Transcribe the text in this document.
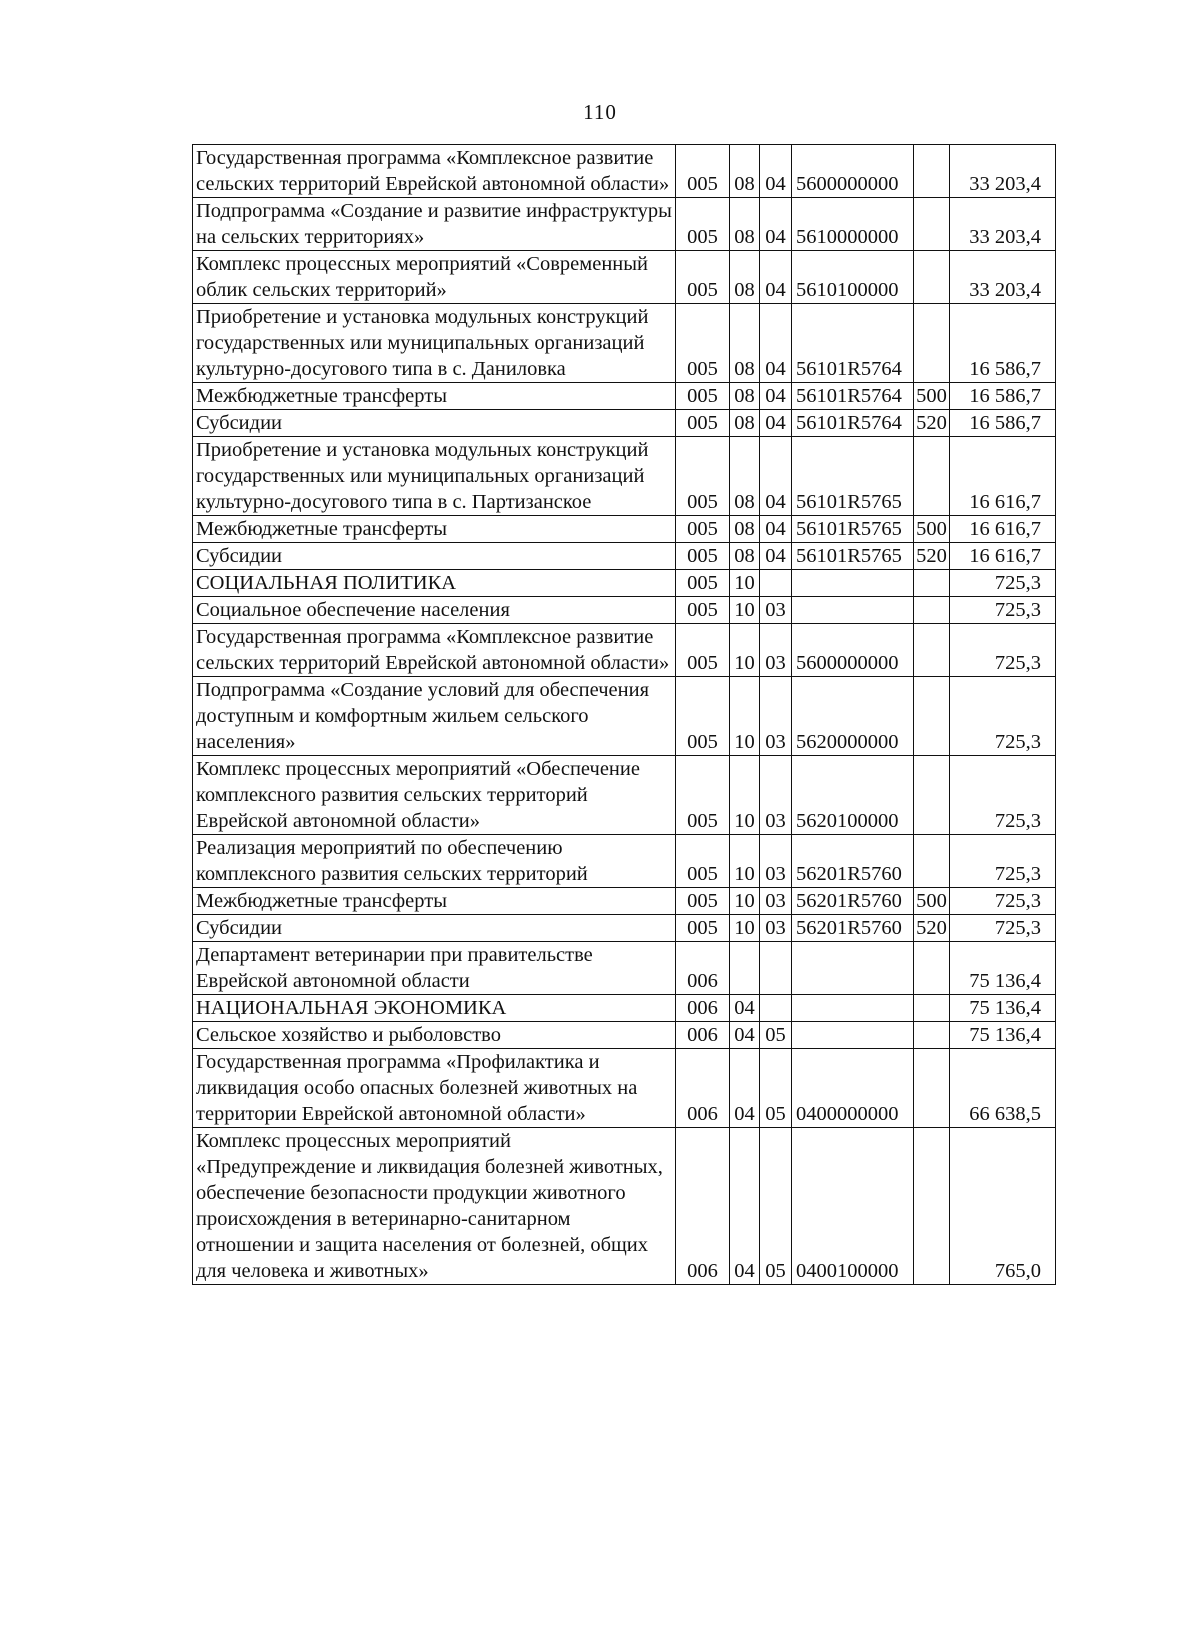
110
Государственная программа «Комплексное развитие сельских территорий Еврейской автономной области»	005	08	04	5600000000		33 203,4
Подпрограмма «Создание и развитие инфраструктуры на сельских территориях»	005	08	04	5610000000		33 203,4
Комплекс процессных мероприятий «Современный облик сельских территорий»	005	08	04	5610100000		33 203,4
Приобретение и установка модульных конструкций государственных или муниципальных организаций культурно-досугового типа в с. Даниловка	005	08	04	56101R5764		16 586,7
Межбюджетные трансферты	005	08	04	56101R5764	500	16 586,7
Субсидии	005	08	04	56101R5764	520	16 586,7
Приобретение и установка модульных конструкций государственных или муниципальных организаций культурно-досугового типа в с. Партизанское	005	08	04	56101R5765		16 616,7
Межбюджетные трансферты	005	08	04	56101R5765	500	16 616,7
Субсидии	005	08	04	56101R5765	520	16 616,7
СОЦИАЛЬНАЯ ПОЛИТИКА	005	10				725,3
Социальное обеспечение населения	005	10	03			725,3
Государственная программа «Комплексное развитие сельских территорий Еврейской автономной области»	005	10	03	5600000000		725,3
Подпрограмма «Создание условий для обеспечения доступным и комфортным жильем сельского населения»	005	10	03	5620000000		725,3
Комплекс процессных мероприятий «Обеспечение комплексного развития сельских территорий Еврейской автономной области»	005	10	03	5620100000		725,3
Реализация мероприятий по обеспечению комплексного развития сельских территорий	005	10	03	56201R5760		725,3
Межбюджетные трансферты	005	10	03	56201R5760	500	725,3
Субсидии	005	10	03	56201R5760	520	725,3
Департамент ветеринарии при правительстве Еврейской автономной области	006					75 136,4
НАЦИОНАЛЬНАЯ ЭКОНОМИКА	006	04				75 136,4
Сельское хозяйство и рыболовство	006	04	05			75 136,4
Государственная программа «Профилактика и ликвидация особо опасных болезней животных на территории Еврейской автономной области»	006	04	05	0400000000		66 638,5
Комплекс процессных мероприятий «Предупреждение и ликвидация болезней животных, обеспечение безопасности продукции животного происхождения в ветеринарно-санитарном отношении и защита населения от болезней, общих для человека и животных»	006	04	05	0400100000		765,0
